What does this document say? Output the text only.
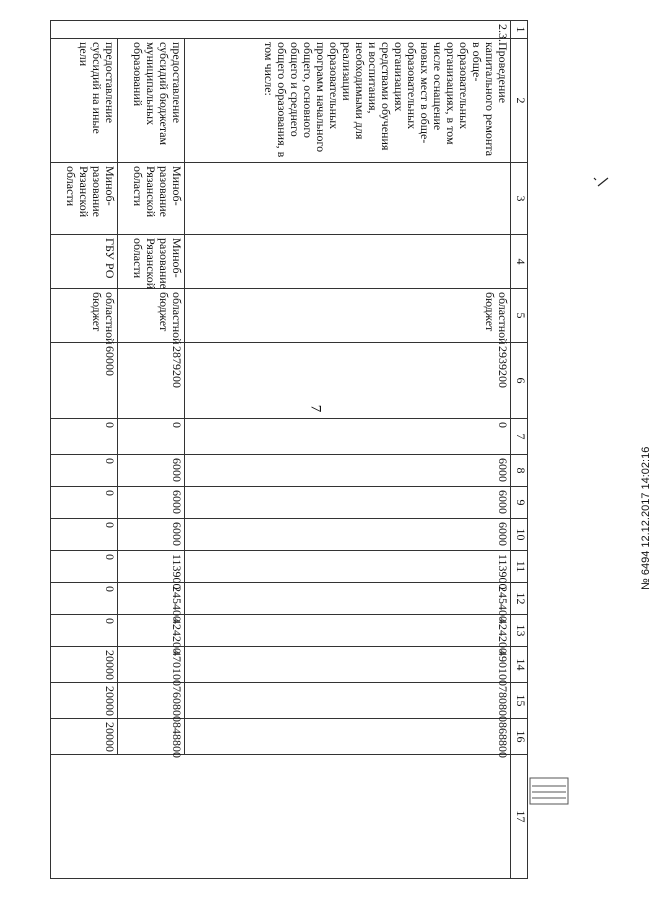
7
1	2	3	4	5	6	7	8	9	10	11	12	13	14	15	16	17
2.3.	Проведение капитального ремонта в обще-образовательных организациях, в том числе оснащение новых мест в обще-образовательных организациях средствами обучения и воспитания, необходимыми для реализации образовательных программ начального общего, основного общего и среднего общего образования, в том числе:			областной бюджет	2939200	0	6000	6000	6000	113900	245400	424200	490100	780800	868800	
	предоставление субсидий бюджетам муниципальных образований	Миноб-разование Рязанской области	Миноб-разование Рязанской области	областной бюджет	2879200	0	6000	6000	6000	113900	245400	424200	470100	760800	848800	
	предоставление субсидий на иные цели	Миноб-разование Рязанской области	ГБУ РО	областной бюджет	60000	0	0	0	0	0	0	0	20000	20000	20000	
№ 6494 12.12.2017 14:02:16
